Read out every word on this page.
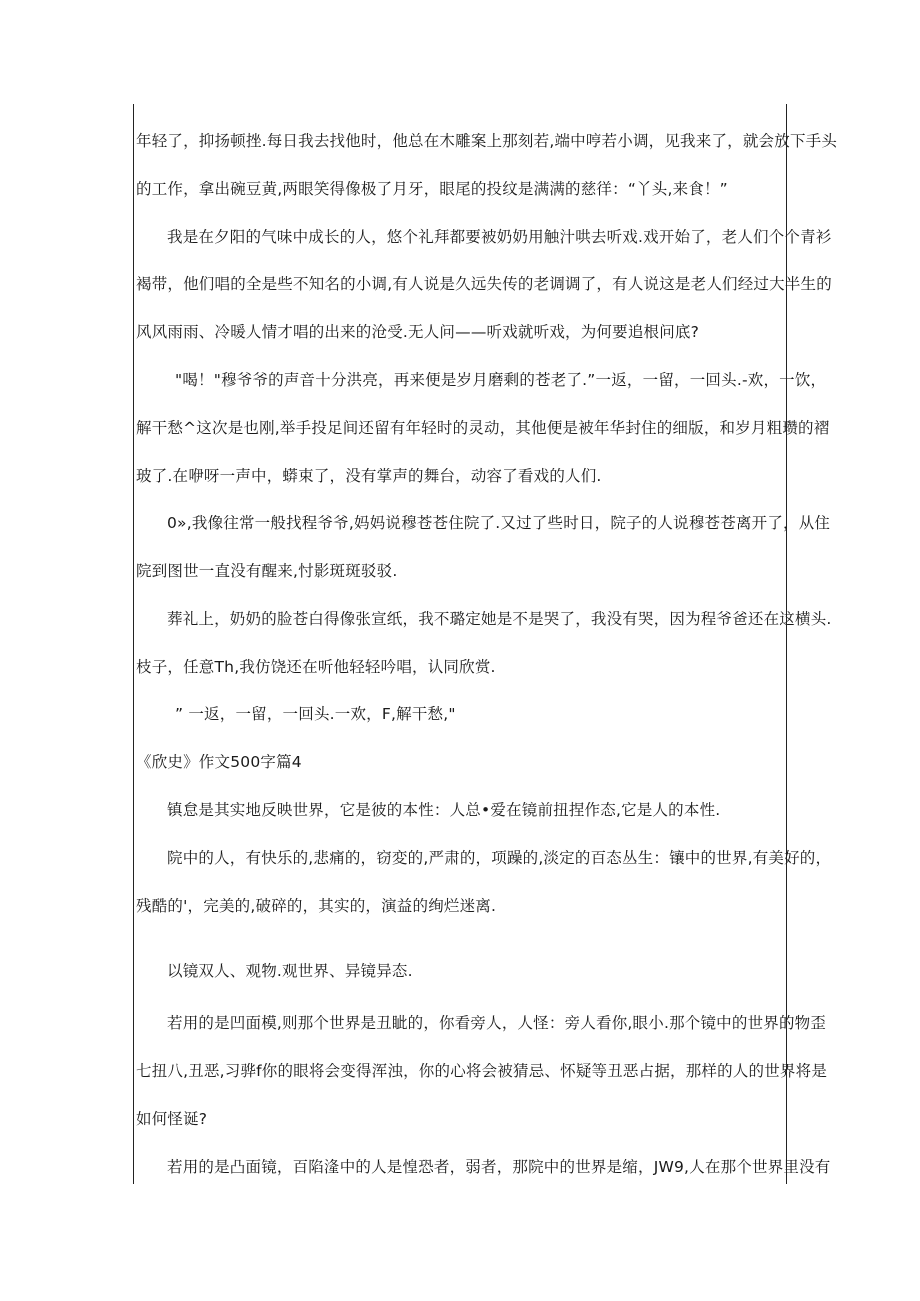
年轻了，抑扬顿挫.每日我去找他时，他总在木雕案上那刻若,端中哼若小调，见我来了，就会放下手头
的工作，拿出碗豆黄,两眼笑得像极了月牙，眼尾的投纹是满满的慈徉：“丫头,来食！”
我是在夕阳的气味中成长的人，悠个礼拜都要被奶奶用触汁哄去听戏.戏开始了，老人们个个青衫
褐带，他们唱的全是些不知名的小调,有人说是久远失传的老调调了，有人说这是老人们经过大半生的
风风雨雨、冷暖人情才唱的出来的沧受.无人问——听戏就听戏，为何要追根问底?
"喝！"穆爷爷的声音十分洪亮，再来便是岁月磨剩的苍老了.”一返，一留，一回头.-欢，一饮，
解干愁^这次是也刚,举手投足间还留有年轻时的灵动，其他便是被年华封住的细版，和岁月粗瓒的褶
玻了.在咿呀一声中，蟒束了，没有掌声的舞台，动容了看戏的人们.
0»,我像往常一般找程爷爷,妈妈说穆苍苍住院了.又过了些时日，院子的人说穆苍苍离开了，从住
院到图世一直没有醒来,忖影斑斑驳驳.
葬礼上，奶奶的脸苍白得像张宣纸，我不璐定她是不是哭了，我没有哭，因为程爷爸还在这横头.
枝子，任意Th,我仿饶还在听他轻轻吟唱，认同欣赏.
” 一返，一留，一回头.一欢，F,解干愁,"
《欣史》作文500字篇4
镇怠是其实地反映世界，它是彼的本性：人总•爱在镜前扭捏作态,它是人的本性.
院中的人，有快乐的,悲痛的，窃変的,严肃的，项躁的,淡定的百态丛生：镶中的世界,有美好的，
残酷的'，完美的,破碎的，其实的，演益的绚烂迷离.
以镜双人、观物.观世界、异镜异态.
若用的是凹面模,则那个世界是丑眦的，你看旁人，人怪：旁人看你,眼小.那个镜中的世界的物歪
七扭八,丑恶,习骅f你的眼将会变得浑浊，你的心将会被猜忌、怀疑等丑恶占据，那样的人的世界将是
如何怪诞?
若用的是凸面镜，百陷湰中的人是惶恐者，弱者，那院中的世界是缩，JW9,人在那个世界里没有
